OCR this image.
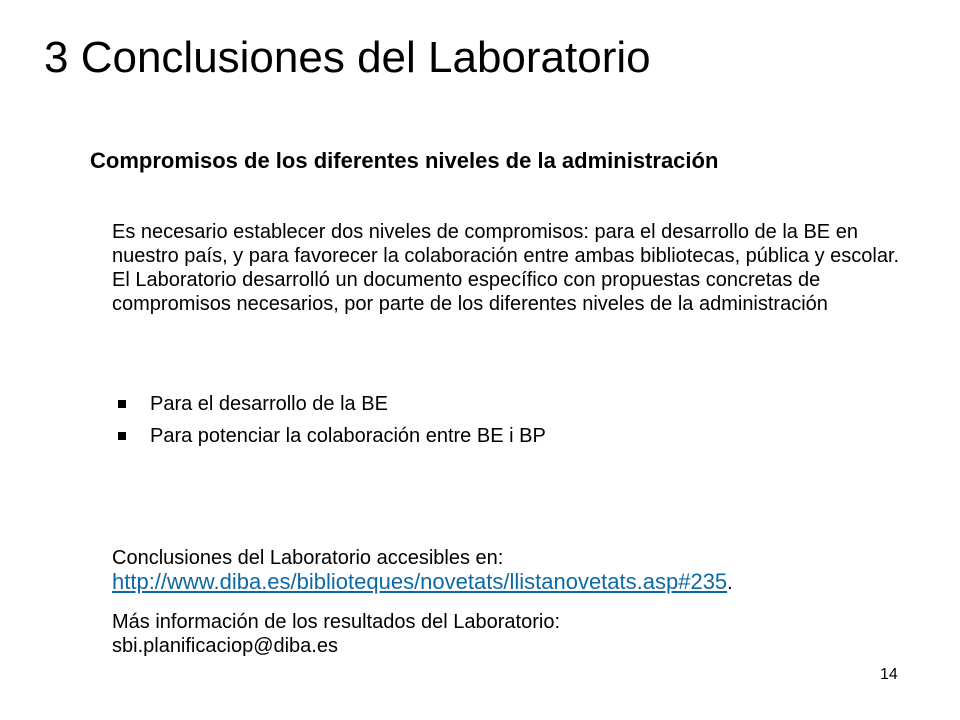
3 Conclusiones del Laboratorio
Compromisos de los diferentes niveles de la administración

Es necesario establecer dos niveles de compromisos: para el desarrollo de la BE en nuestro país, y para favorecer la colaboración entre ambas bibliotecas, pública y escolar. El Laboratorio desarrolló un documento específico con propuestas concretas de compromisos necesarios, por parte de los diferentes niveles de la administración

Para el desarrollo de la BE
Para potenciar la colaboración entre BE i BP
Conclusiones del Laboratorio accesibles en:
http://www.diba.es/biblioteques/novetats/llistanovetats.asp#235.
Más información de los resultados del Laboratorio:
sbi.planificaciop@diba.es
14
